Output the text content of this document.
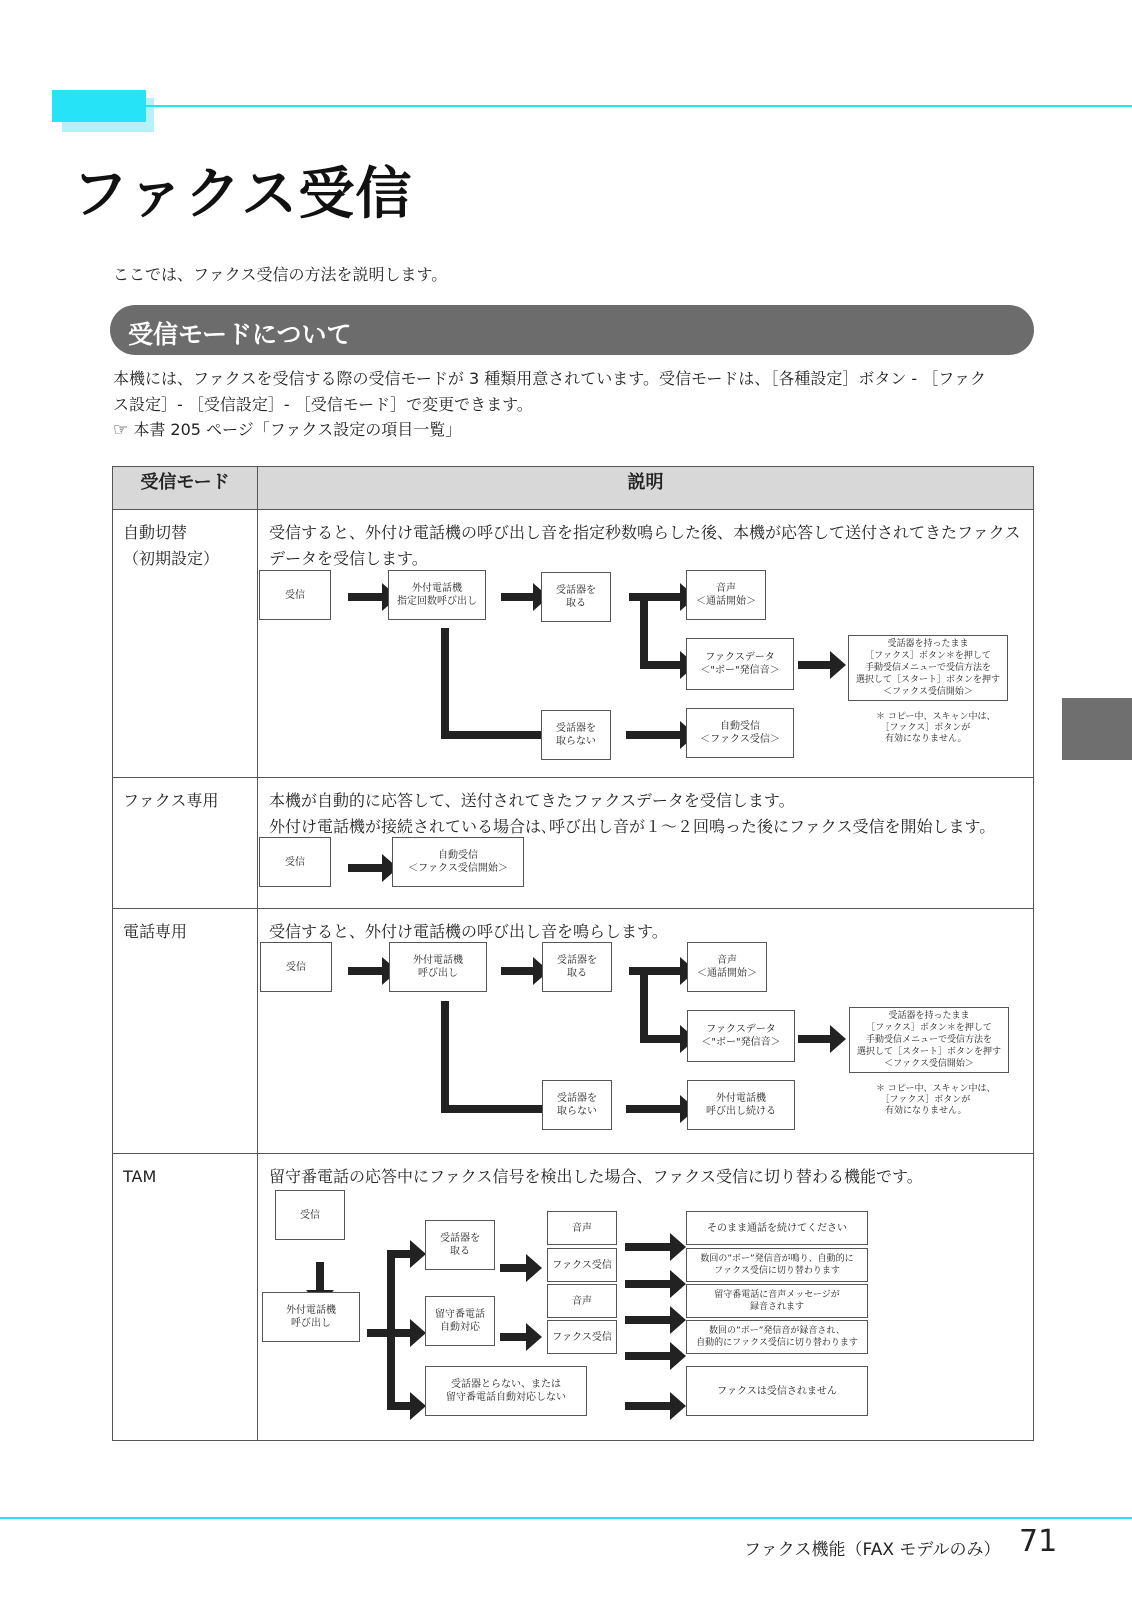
ファクス受信
ここでは、ファクス受信の方法を説明します。
受信モードについて
本機には、ファクスを受信する際の受信モードが 3 種類用意されています。受信モードは、［各種設定］ボタン - ［ファク
ス設定］- ［受信設定］- ［受信モード］で変更できます。
☞ 本書 205 ページ「ファクス設定の項目一覧」
受信モード	説明

自動切替
（初期設定）	受信すると、外付け電話機の呼び出し音を指定秒数鳴らした後、本機が応答して送付されてきたファクスデータを受信します。

ファクス専用	本機が自動的に応答して、送付されてきたファクスデータを受信します。
外付け電話機が接続されている場合は､呼び出し音が１～２回鳴った後にファクス受信を開始します。

電話専用	受信すると、外付け電話機の呼び出し音を鳴らします。

TAM	留守番電話の応答中にファクス信号を検出した場合、ファクス受信に切り替わる機能です。
受信
外付電話機
指定回数呼び出し
受話器を
取る
音声
＜通話開始＞
ファクスデータ
＜"ボー"発信音＞
受話器を持ったまま
［ファクス］ボタン＊を押して
手動受信メニューで受信方法を
選択して［スタート］ボタンを押す
＜ファクス受信開始＞
受話器を
取らない
自動受信
＜ファクス受信＞
＊ コピー中、スキャン中は、
　［ファクス］ボタンが
　有効になりません。
受信
自動受信
＜ファクス受信開始＞
受信
外付電話機
呼び出し
受話器を
取る
音声
＜通話開始＞
ファクスデータ
＜"ボー"発信音＞
受話器を持ったまま
［ファクス］ボタン＊を押して
手動受信メニューで受信方法を
選択して［スタート］ボタンを押す
＜ファクス受信開始＞
受話器を
取らない
外付電話機
呼び出し続ける
＊ コピー中、スキャン中は、
　［ファクス］ボタンが
　有効になりません。
受信
外付電話機
呼び出し
受話器を
取る
留守番電話
自動対応
受話器とらない、または
留守番電話自動対応しない
音声
ファクス受信
音声
ファクス受信
そのまま通話を続けてください
数回の”ボー”発信音が鳴り、自動的に
ファクス受信に切り替わります
留守番電話に音声メッセージが
録音されます
数回の”ボー”発信音が録音され、
自動的にファクス受信に切り替わります
ファクスは受信されません
ファクス機能（FAX モデルのみ） 71
